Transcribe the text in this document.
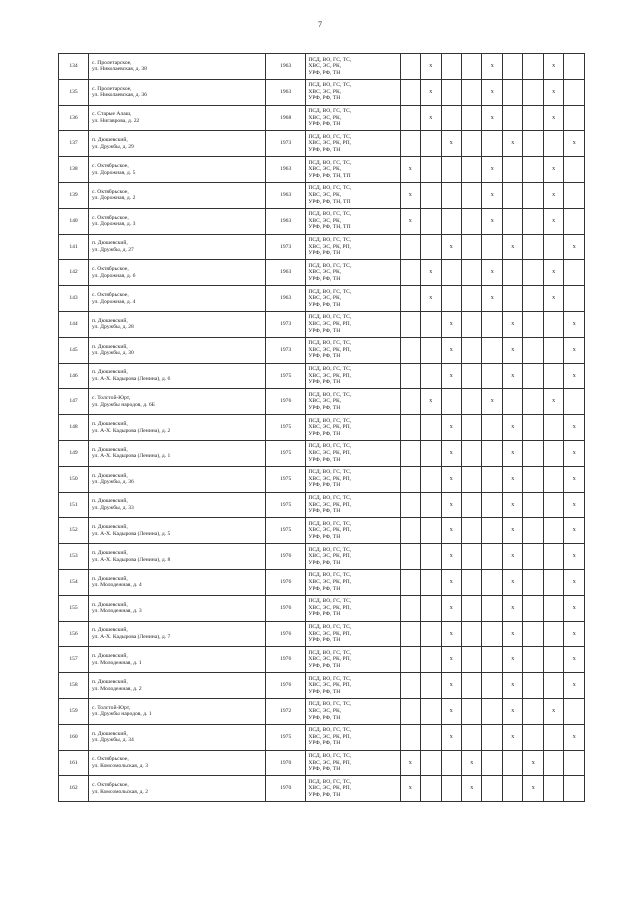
7
134	с. Пролетарское,
ул. Николаевская, д. 38	1963	ПСД, ВО, ГС, ТС,
ХВС, ЭС, РК,
УРФ, РФ, ТН		x			x			x	
135	с. Пролетарское,
ул. Николаевская, д. 36	1963	ПСД, ВО, ГС, ТС,
ХВС, ЭС, РК,
УРФ, РФ, ТН		x			x			x	
136	с. Старые Алаш,
ул. Нигаврова, д. 22	1968	ПСД, ВО, ГС, ТС,
ХВС, ЭС, РК,
УРФ, РФ, ТН		x			x			x	
137	п. Дюшевский,
ул. Дружбы, д. 29	1973	ПСД, ВО, ГС, ТС,
ХВС, ЭС, РК, РП,
УРФ, РФ, ТН			x			x			x
138	с. Октябрьское,
ул. Дорожная, д. 5	1963	ПСД, ВО, ГС, ТС,
ХВС, ЭС, РК,
УРФ, РФ, ТН, ТП	x				x			x	
139	с. Октябрьское,
ул. Дорожная, д. 2	1963	ПСД, ВО, ГС, ТС,
ХВС, ЭС, РК,
УРФ, РФ, ТН, ТП	x				x			x	
140	с. Октябрьское,
ул. Дорожная, д. 3	1963	ПСД, ВО, ГС, ТС,
ХВС, ЭС, РК,
УРФ, РФ, ТН, ТП	x				x			x	
141	п. Дюшевский,
ул. Дружбы, д. 27	1973	ПСД, ВО, ГС, ТС,
ХВС, ЭС, РК, РП,
УРФ, РФ, ТН			x			x			x
142	с. Октябрьское,
ул. Дорожная, д. 6	1963	ПСД, ВО, ГС, ТС,
ХВС, ЭС, РК,
УРФ, РФ, ТН		x			x			x	
143	с. Октябрьское,
ул. Дорожная, д. 4	1963	ПСД, ВО, ГС, ТС,
ХВС, ЭС, РК,
УРФ, РФ, ТН		x			x			x	
144	п. Дюшевский,
ул. Дружбы, д. 28	1973	ПСД, ВО, ГС, ТС,
ХВС, ЭС, РК, РП,
УРФ, РФ, ТН			x			x			x
145	п. Дюшевский,
ул. Дружбы, д. 30	1973	ПСД, ВО, ГС, ТС,
ХВС, ЭС, РК, РП,
УРФ, РФ, ТН			x			x			x
146	п. Дюшевский,
ул. А-Х. Кадырова (Ленина), д. 6	1975	ПСД, ВО, ГС, ТС,
ХВС, ЭС, РК, РП,
УРФ, РФ, ТН			x			x			x
147	с. Толстой-Юрт,
ул. Дружбы народов, д. 6Б	1976	ПСД, ВО, ГС, ТС,
ХВС, ЭС, РК,
УРФ, РФ, ТН		x			x			x	
148	п. Дюшевский,
ул. А-Х. Кадырова (Ленина), д. 2	1975	ПСД, ВО, ГС, ТС,
ХВС, ЭС, РК, РП,
УРФ, РФ, ТН			x			x			x
149	п. Дюшевский,
ул. А-Х. Кадырова (Ленина), д. 1	1975	ПСД, ВО, ГС, ТС,
ХВС, ЭС, РК, РП,
УРФ, РФ, ТН			x			x			x
150	п. Дюшевский,
ул. Дружбы, д. 36	1975	ПСД, ВО, ГС, ТС,
ХВС, ЭС, РК, РП,
УРФ, РФ, ТН			x			x			x
151	п. Дюшевский,
ул. Дружбы, д. 33	1975	ПСД, ВО, ГС, ТС,
ХВС, ЭС, РК, РП,
УРФ, РФ, ТН			x			x			x
152	п. Дюшевский,
ул. А-Х. Кадырова (Ленина), д. 5	1975	ПСД, ВО, ГС, ТС,
ХВС, ЭС, РК, РП,
УРФ, РФ, ТН			x			x			x
153	п. Дюшевский,
ул. А-Х. Кадырова (Ленина), д. 8	1976	ПСД, ВО, ГС, ТС,
ХВС, ЭС, РК, РП,
УРФ, РФ, ТН			x			x			x
154	п. Дюшевский,
ул. Молодежная, д. 4	1976	ПСД, ВО, ГС, ТС,
ХВС, ЭС, РК, РП,
УРФ, РФ, ТН			x			x			x
155	п. Дюшевский,
ул. Молодежная, д. 3	1976	ПСД, ВО, ГС, ТС,
ХВС, ЭС, РК, РП,
УРФ, РФ, ТН			x			x			x
156	п. Дюшевский,
ул. А-Х. Кадырова (Ленина), д. 7	1976	ПСД, ВО, ГС, ТС,
ХВС, ЭС, РК, РП,
УРФ, РФ, ТН			x			x			x
157	п. Дюшевский,
ул. Молодежная, д. 1	1976	ПСД, ВО, ГС, ТС,
ХВС, ЭС, РК, РП,
УРФ, РФ, ТН			x			x			x
158	п. Дюшевский,
ул. Молодежная, д. 2	1976	ПСД, ВО, ГС, ТС,
ХВС, ЭС, РК, РП,
УРФ, РФ, ТН			x			x			x
159	с. Толстой-Юрт,
ул. Дружбы народов, д. 1	1972	ПСД, ВО, ГС, ТС,
ХВС, ЭС, РК,
УРФ, РФ, ТН			x			x		x	
160	п. Дюшевский,
ул. Дружбы, д. 34	1975	ПСД, ВО, ГС, ТС,
ХВС, ЭС, РК, РП,
УРФ, РФ, ТН			x			x			x
161	с. Октябрьское,
ул. Комсомольская, д. 3	1970	ПСД, ВО, ГС, ТС,
ХВС, ЭС, РК, РП,
УРФ, РФ, ТН	x			x			x		
162	с. Октябрьское,
ул. Комсомольская, д. 2	1970	ПСД, ВО, ГС, ТС,
ХВС, ЭС, РК, РП,
УРФ, РФ, ТН	x			x			x		
